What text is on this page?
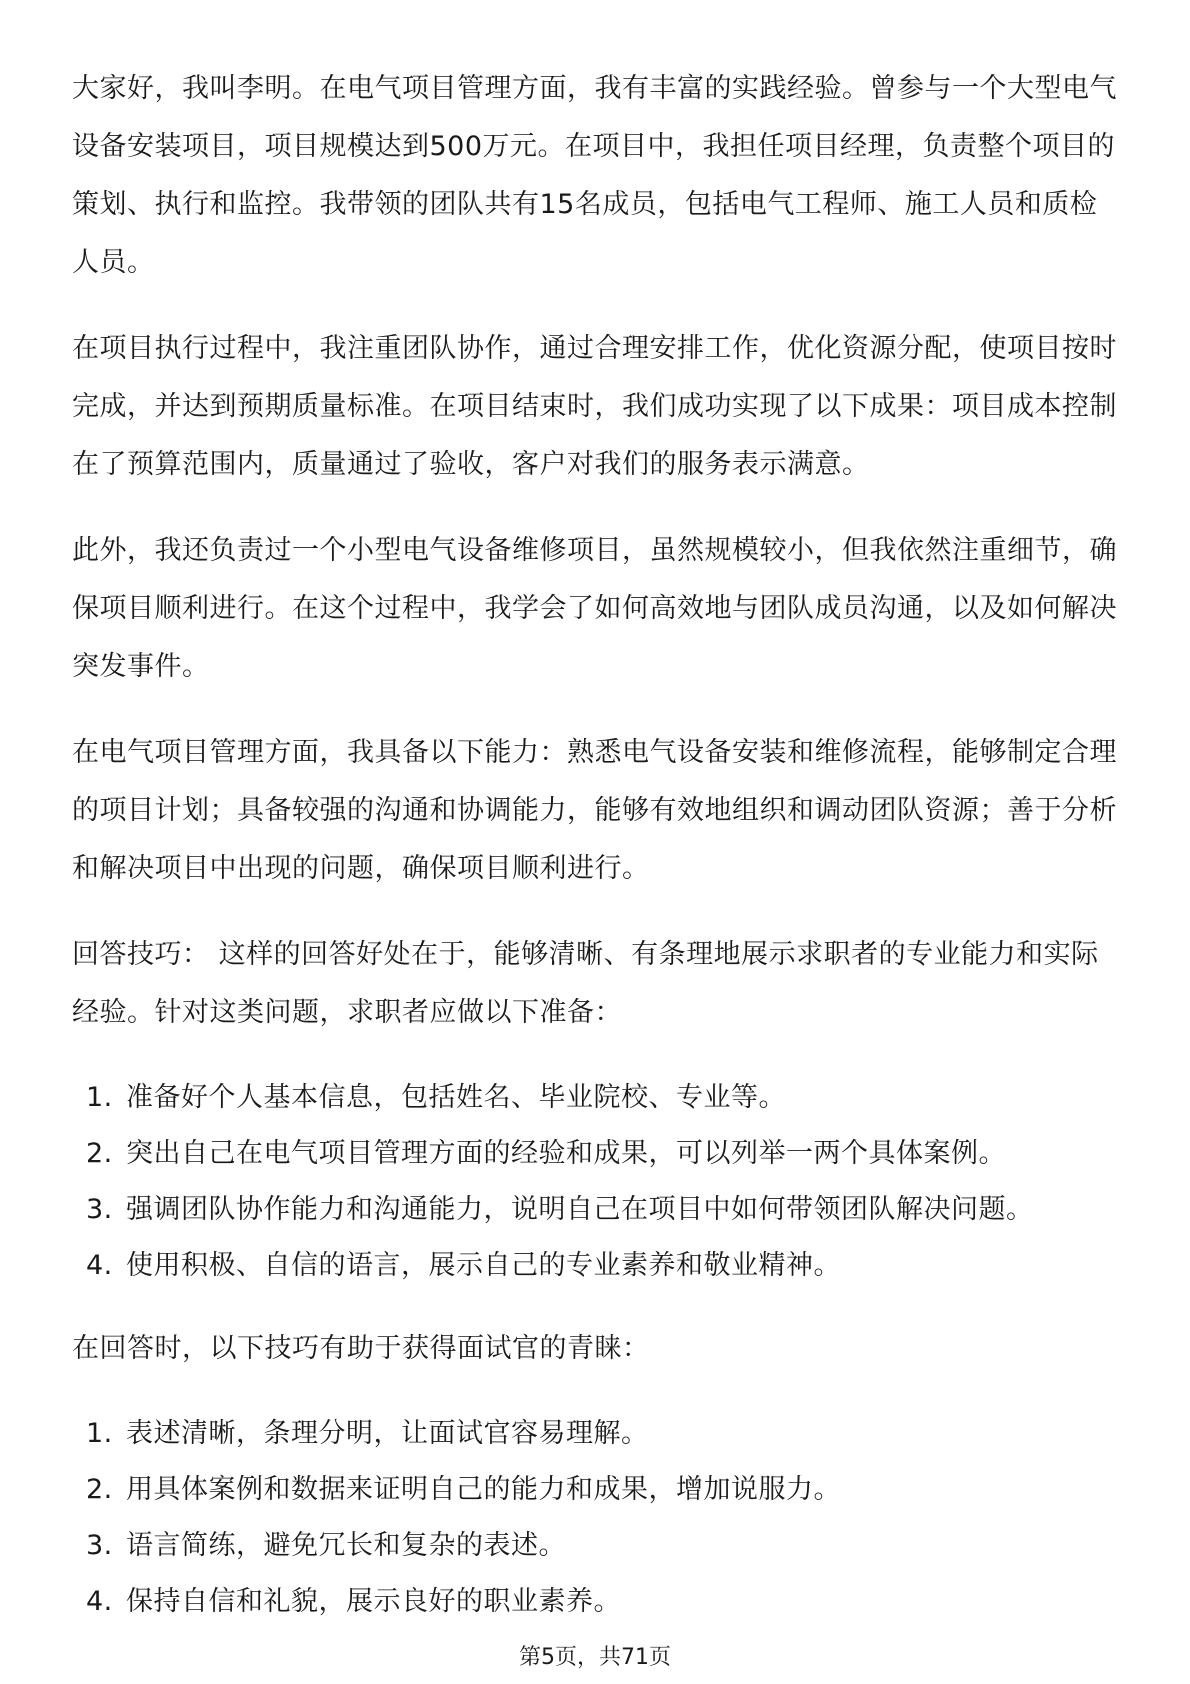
大家好，我叫李明。在电气项目管理方面，我有丰富的实践经验。曾参与一个大型电气设备安装项目，项目规模达到500万元。在项目中，我担任项目经理，负责整个项目的策划、执行和监控。我带领的团队共有15名成员，包括电气工程师、施工人员和质检人员。

在项目执行过程中，我注重团队协作，通过合理安排工作，优化资源分配，使项目按时完成，并达到预期质量标准。在项目结束时，我们成功实现了以下成果：项目成本控制在了预算范围内，质量通过了验收，客户对我们的服务表示满意。

此外，我还负责过一个小型电气设备维修项目，虽然规模较小，但我依然注重细节，确保项目顺利进行。在这个过程中，我学会了如何高效地与团队成员沟通，以及如何解决突发事件。

在电气项目管理方面，我具备以下能力：熟悉电气设备安装和维修流程，能够制定合理的项目计划；具备较强的沟通和协调能力，能够有效地组织和调动团队资源；善于分析和解决项目中出现的问题，确保项目顺利进行。

回答技巧： 这样的回答好处在于，能够清晰、有条理地展示求职者的专业能力和实际经验。针对这类问题，求职者应做以下准备：

1. 准备好个人基本信息，包括姓名、毕业院校、专业等。
2. 突出自己在电气项目管理方面的经验和成果，可以列举一两个具体案例。
3. 强调团队协作能力和沟通能力，说明自己在项目中如何带领团队解决问题。
4. 使用积极、自信的语言，展示自己的专业素养和敬业精神。

在回答时，以下技巧有助于获得面试官的青睐：

1. 表述清晰，条理分明，让面试官容易理解。
2. 用具体案例和数据来证明自己的能力和成果，增加说服力。
3. 语言简练，避免冗长和复杂的表述。
4. 保持自信和礼貌，展示良好的职业素养。
第5页，共71页
